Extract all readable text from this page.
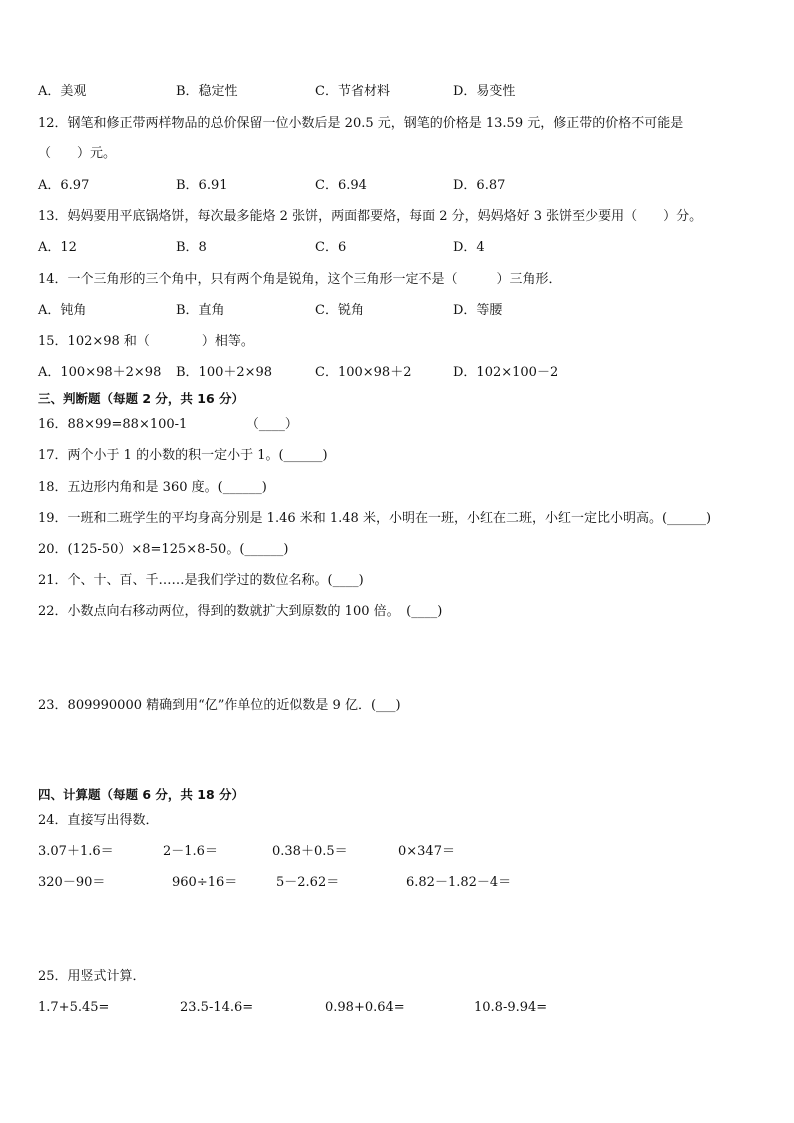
A．美观	B．稳定性	C．节省材料	D．易变性
12．钢笔和修正带两样物品的总价保留一位小数后是 20.5 元，钢笔的价格是 13.59 元，修正带的价格不可能是
（　　）元。
A．6.97	B．6.91	C．6.94	D．6.87
13．妈妈要用平底锅烙饼，每次最多能烙 2 张饼，两面都要烙，每面 2 分，妈妈烙好 3 张饼至少要用（　　）分。
A．12	B．8	C．6	D．4
14．一个三角形的三个角中，只有两个角是锐角，这个三角形一定不是（　　　）三角形．
A．钝角	B．直角	C．锐角	D．等腰
15．102×98 和（　　　　）相等。
A．100×98＋2×98 B．100＋2×98	C．100×98＋2	D．102×100－2
三、判断题（每题 2 分，共 16 分）
16．88×99=88×100-1　　　　　（____）
17．两个小于 1 的小数的积一定小于 1。(______)
18．五边形内角和是 360 度。(______)
19．一班和二班学生的平均身高分别是 1.46 米和 1.48 米，小明在一班，小红在二班，小红一定比小明高。(______)
20．(125-50）×8=125×8-50。(______)
21．个、十、百、千……是我们学过的数位名称。(____)
22．小数点向右移动两位，得到的数就扩大到原数的 100 倍。　(____)
23．809990000 精确到用“亿”作单位的近似数是 9 亿．(___)
四、计算题（每题 6 分，共 18 分）
24．直接写出得数．
3.07＋1.6＝	2－1.6＝	0.38＋0.5＝	0×347＝
320－90＝	960÷16＝	5－2.62＝	6.82－1.82－4＝
25．用竖式计算．
1.7+5.45=	23.5-14.6=	0.98+0.64=	10.8-9.94=
